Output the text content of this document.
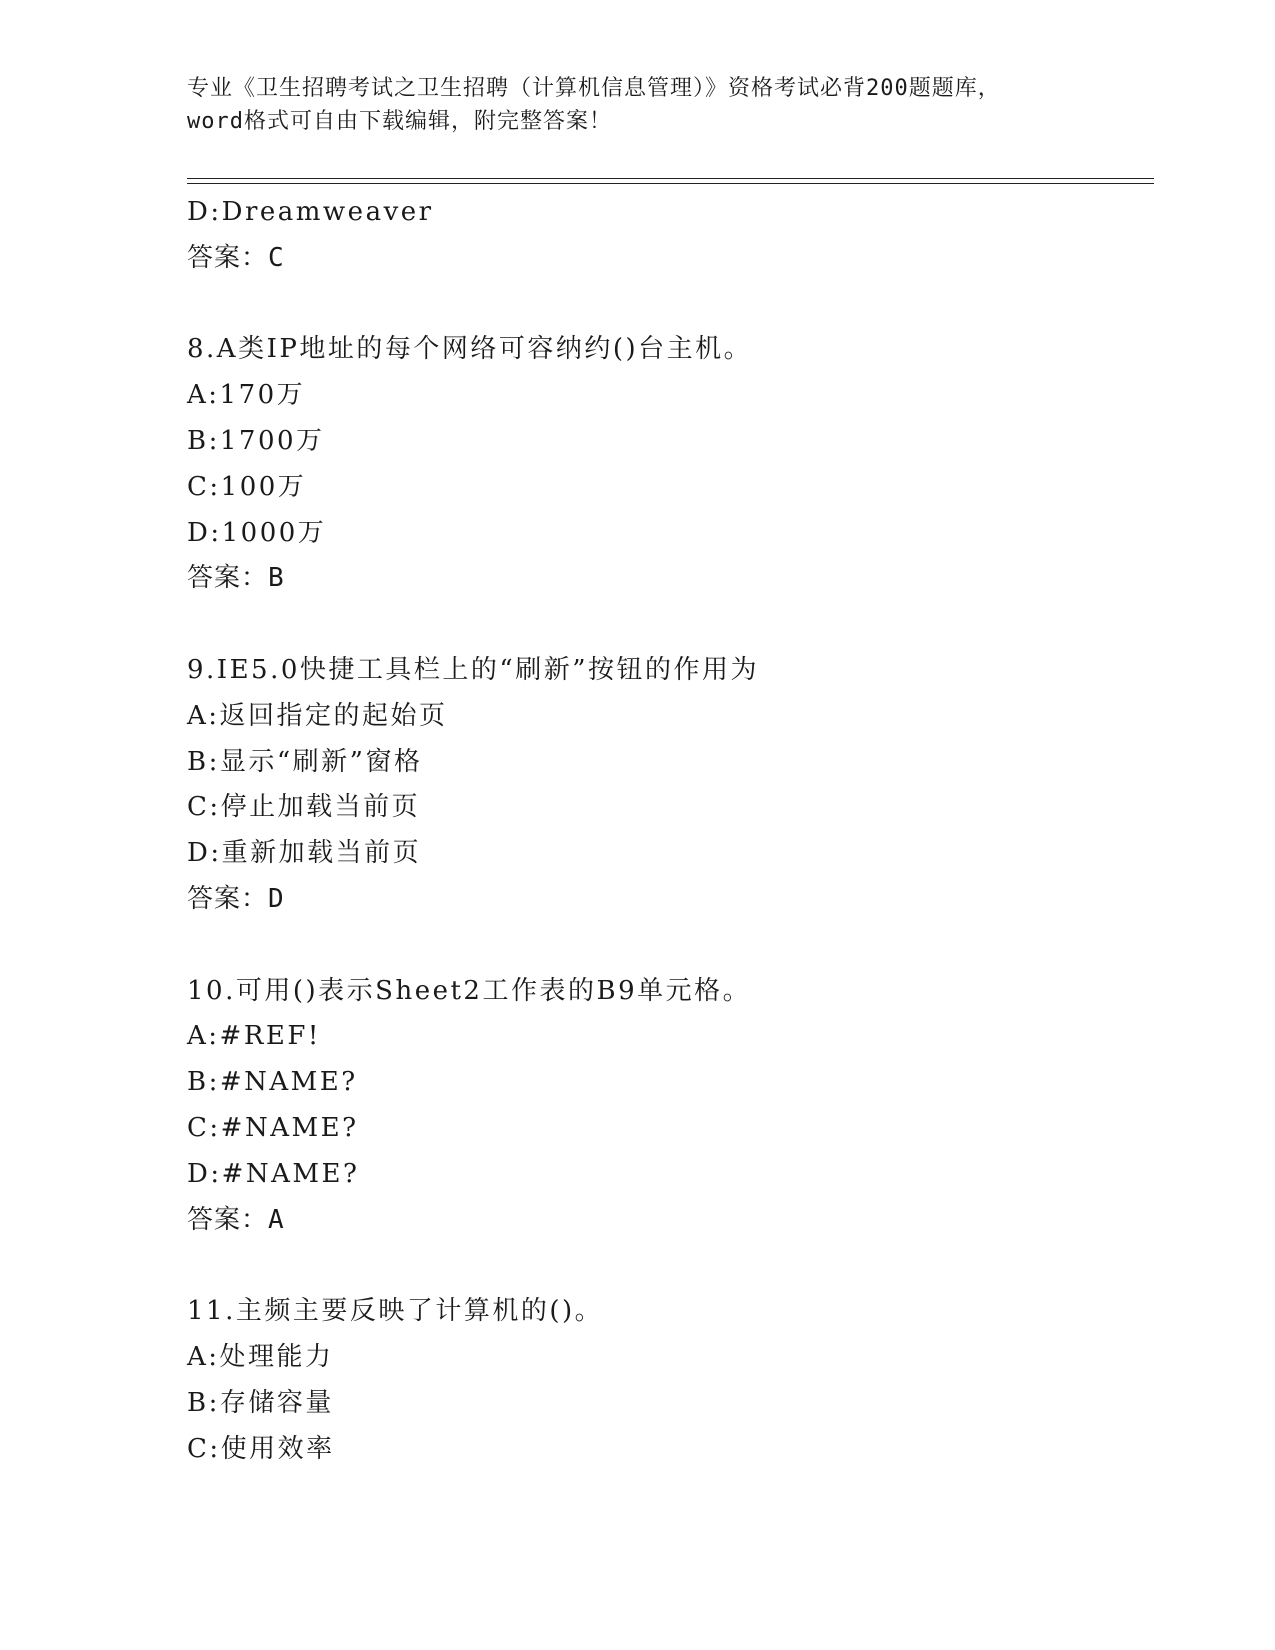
专业《卫生招聘考试之卫生招聘（计算机信息管理）》资格考试必背200题题库，
word格式可自由下载编辑，附完整答案！
D:Dreamweaver
答案：C
8.A类IP地址的每个网络可容纳约()台主机。
A:170万
B:1700万
C:100万
D:1000万
答案：B
9.IE5.0快捷工具栏上的“刷新”按钮的作用为
A:返回指定的起始页
B:显示“刷新”窗格
C:停止加载当前页
D:重新加载当前页
答案：D
10.可用()表示Sheet2工作表的B9单元格。
A:#REF!
B:#NAME?
C:#NAME?
D:#NAME?
答案：A
11.主频主要反映了计算机的()。
A:处理能力
B:存储容量
C:使用效率
